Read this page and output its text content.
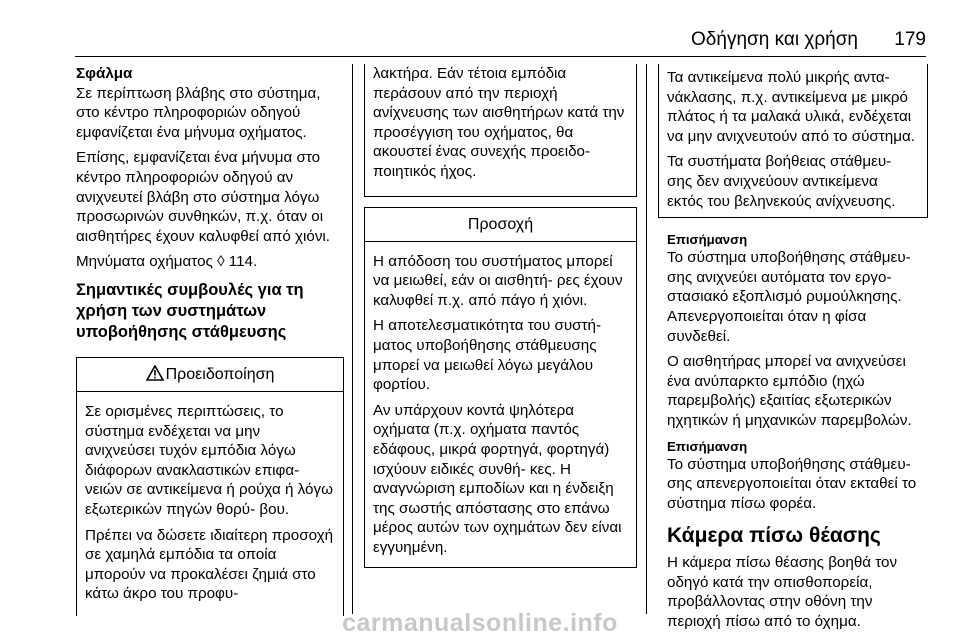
Οδήγηση και χρήση 179
Σφάλμα

Σε περίπτωση βλάβης στο σύστημα, στο κέντρο πληροφοριών οδηγού εμφανίζεται ένα μήνυμα οχήματος.

Επίσης, εμφανίζεται ένα μήνυμα στο κέντρο πληροφοριών οδηγού αν ανιχνευτεί βλάβη στο σύστημα λόγω προσωρινών συνθηκών, π.χ. όταν οι αισθητήρες έχουν καλυφθεί από χιόνι.

Μηνύματα οχήματος ◊ 114.

Σημαντικές συμβουλές για τη χρήση των συστημάτων υποβοήθησης στάθμευσης
Προειδοποίηση

Σε ορισμένες περιπτώσεις, το σύστημα ενδέχεται να μην ανιχνεύσει τυχόν εμπόδια λόγω διάφορων ανακλαστικών επιφα- νειών σε αντικείμενα ή ρούχα ή λόγω εξωτερικών πηγών θορύ- βου.

Πρέπει να δώσετε ιδιαίτερη προσοχή σε χαμηλά εμπόδια τα οποία μπορούν να προκαλέσει ζημιά στο κάτω άκρο του προφυ-

λακτήρα. Εάν τέτοια εμπόδια περάσουν από την περιοχή ανίχνευσης των αισθητήρων κατά την προσέγγιση του οχήματος, θα ακουστεί ένας συνεχής προειδο- ποιητικός ήχος.

Προσοχή

Η απόδοση του συστήματος μπορεί να μειωθεί, εάν οι αισθητή- ρες έχουν καλυφθεί π.χ. από πάγο ή χιόνι.

Η αποτελεσματικότητα του συστή- ματος υποβοήθησης στάθμευσης μπορεί να μειωθεί λόγω μεγάλου φορτίου.

Αν υπάρχουν κοντά ψηλότερα οχήματα (π.χ. οχήματα παντός εδάφους, μικρά φορτηγά, φορτηγά) ισχύουν ειδικές συνθή- κες. Η αναγνώριση εμποδίων και η ένδειξη της σωστής απόστασης στο επάνω μέρος αυτών των οχημάτων δεν είναι εγγυημένη.

Τα αντικείμενα πολύ μικρής αντα- νάκλασης, π.χ. αντικείμενα με μικρό πλάτος ή τα μαλακά υλικά, ενδέχεται να μην ανιχνευτούν από το σύστημα.

Τα συστήματα βοήθειας στάθμευ- σης δεν ανιχνεύουν αντικείμενα εκτός του βεληνεκούς ανίχνευσης.

Επισήμανση

Το σύστημα υποβοήθησης στάθμευ- σης ανιχνεύει αυτόματα τον εργο- στασιακό εξοπλισμό ρυμούλκησης. Απενεργοποιείται όταν η φίσα συνδεθεί.

Ο αισθητήρας μπορεί να ανιχνεύσει ένα ανύπαρκτο εμπόδιο (ηχώ παρεμβολής) εξαιτίας εξωτερικών ηχητικών ή μηχανικών παρεμβολών.

Επισήμανση

Το σύστημα υποβοήθησης στάθμευ- σης απενεργοποιείται όταν εκταθεί το σύστημα πίσω φορέα.

Κάμερα πίσω θέασης

Η κάμερα πίσω θέασης βοηθά τον οδηγό κατά την οπισθοπορεία, προβάλλοντας στην οθόνη την περιοχή πίσω από το όχημα.

carmanualsonline.info
